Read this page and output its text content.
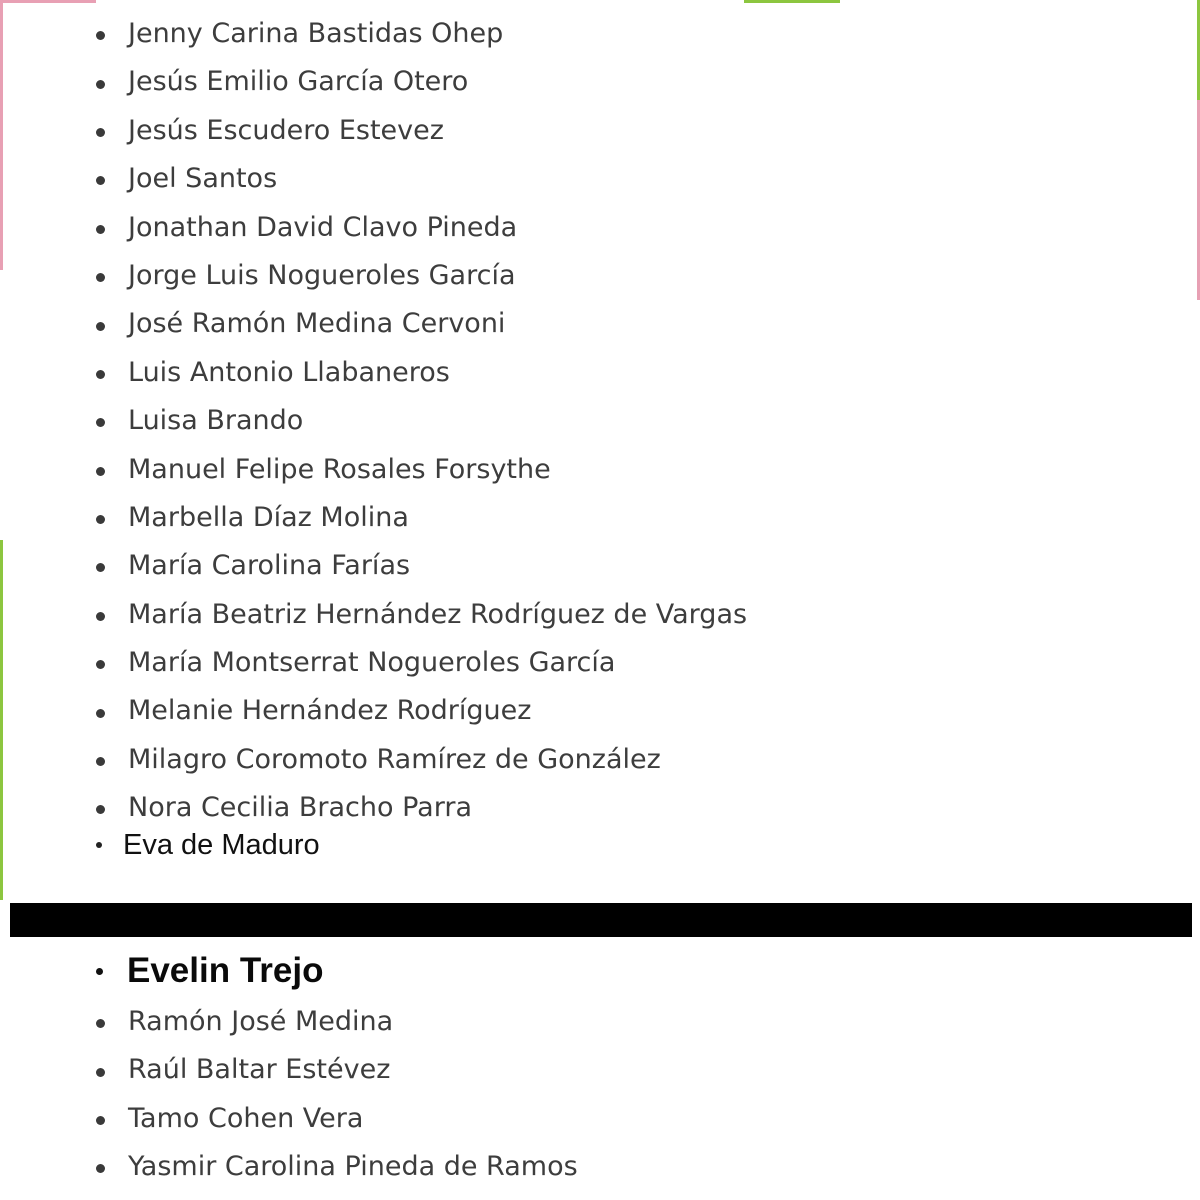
Jenny Carina Bastidas Ohep
Jesús Emilio García Otero
Jesús Escudero Estevez
Joel Santos
Jonathan David Clavo Pineda
Jorge Luis Nogueroles García
José Ramón Medina Cervoni
Luis Antonio Llabaneros
Luisa Brando
Manuel Felipe Rosales Forsythe
Marbella Díaz Molina
María Carolina Farías
María Beatriz Hernández Rodríguez de Vargas
María Montserrat Nogueroles García
Melanie Hernández Rodríguez
Milagro Coromoto Ramírez de González
Nora Cecilia Bracho Parra
Eva de Maduro
Evelin Trejo
Ramón José Medina
Raúl Baltar Estévez
Tamo Cohen Vera
Yasmir Carolina Pineda de Ramos
